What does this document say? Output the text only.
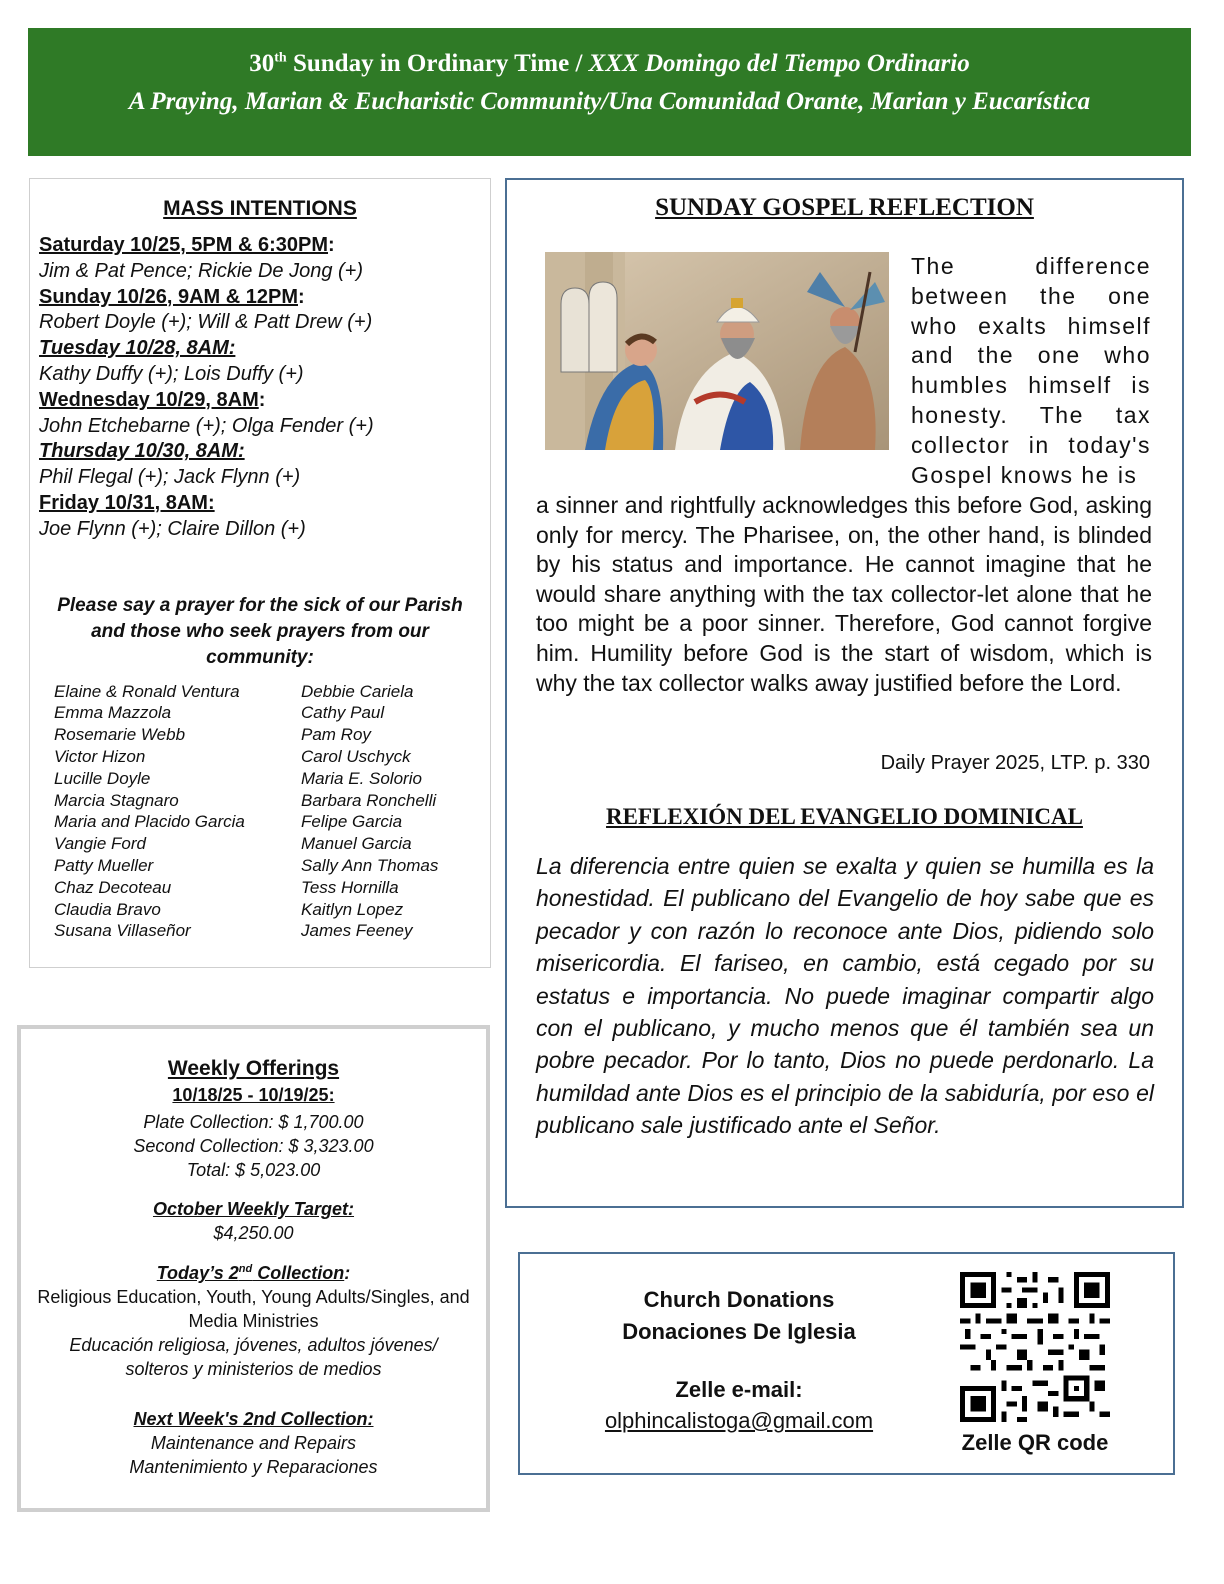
30th Sunday in Ordinary Time / XXX Domingo del Tiempo Ordinario
A Praying, Marian & Eucharistic Community/Una Comunidad Orante, Marian y Eucarística
MASS INTENTIONS
Saturday 10/25, 5PM & 6:30PM:
Jim & Pat Pence; Rickie De Jong (+)
Sunday 10/26, 9AM & 12PM:
Robert Doyle (+); Will & Patt Drew (+)
Tuesday 10/28, 8AM:
Kathy Duffy (+); Lois Duffy (+)
Wednesday 10/29, 8AM:
John Etchebarne (+); Olga Fender (+)
Thursday 10/30, 8AM:
Phil Flegal (+); Jack Flynn (+)
Friday 10/31, 8AM:
Joe Flynn (+); Claire Dillon (+)
Please say a prayer for the sick of our Parish and those who seek prayers from our community:
Elaine & Ronald Ventura
Emma Mazzola
Rosemarie Webb
Victor Hizon
Lucille Doyle
Marcia Stagnaro
Maria and Placido Garcia
Vangie Ford
Patty Mueller
Chaz Decoteau
Claudia Bravo
Susana Villaseñor
Debbie Cariela
Cathy Paul
Pam Roy
Carol Uschyck
Maria E. Solorio
Barbara Ronchelli
Felipe Garcia
Manuel Garcia
Sally Ann Thomas
Tess Hornilla
Kaitlyn Lopez
James Feeney
Weekly Offerings
10/18/25 - 10/19/25:
Plate Collection: $ 1,700.00
Second Collection: $ 3,323.00
Total: $ 5,023.00
October Weekly Target:
$4,250.00
Today’s 2nd Collection:
Religious Education, Youth, Young Adults/Singles, and Media Ministries
Educación religiosa, jóvenes, adultos jóvenes/ solteros y ministerios de medios
Next Week's 2nd Collection:
Maintenance and Repairs
Mantenimiento y Reparaciones
SUNDAY GOSPEL REFLECTION
The difference between the one who exalts himself and the one who humbles himself is honesty. The tax collector in today's Gospel knows he is
a sinner and rightfully acknowledges this before God, asking only for mercy. The Pharisee, on, the other hand, is blinded by his status and importance. He cannot imagine that he would share anything with the tax collector-let alone that he too might be a poor sinner. Therefore, God cannot forgive him. Humility before God is the start of wisdom, which is why the tax collector walks away justified before the Lord.
Daily Prayer 2025, LTP. p. 330
REFLEXIÓN DEL EVANGELIO DOMINICAL
La diferencia entre quien se exalta y quien se humilla es la honestidad. El publicano del Evangelio de hoy sabe que es pecador y con razón lo reconoce ante Dios, pidiendo solo misericordia. El fariseo, en cambio, está cegado por su estatus e importancia. No puede imaginar compartir algo con el publicano, y mucho menos que él también sea un pobre pecador. Por lo tanto, Dios no puede perdonarlo. La humildad ante Dios es el principio de la sabiduría, por eso el publicano sale justificado ante el Señor.
Church Donations
Donaciones De Iglesia
Zelle e-mail:
olphincalistoga@gmail.com
Zelle QR code
